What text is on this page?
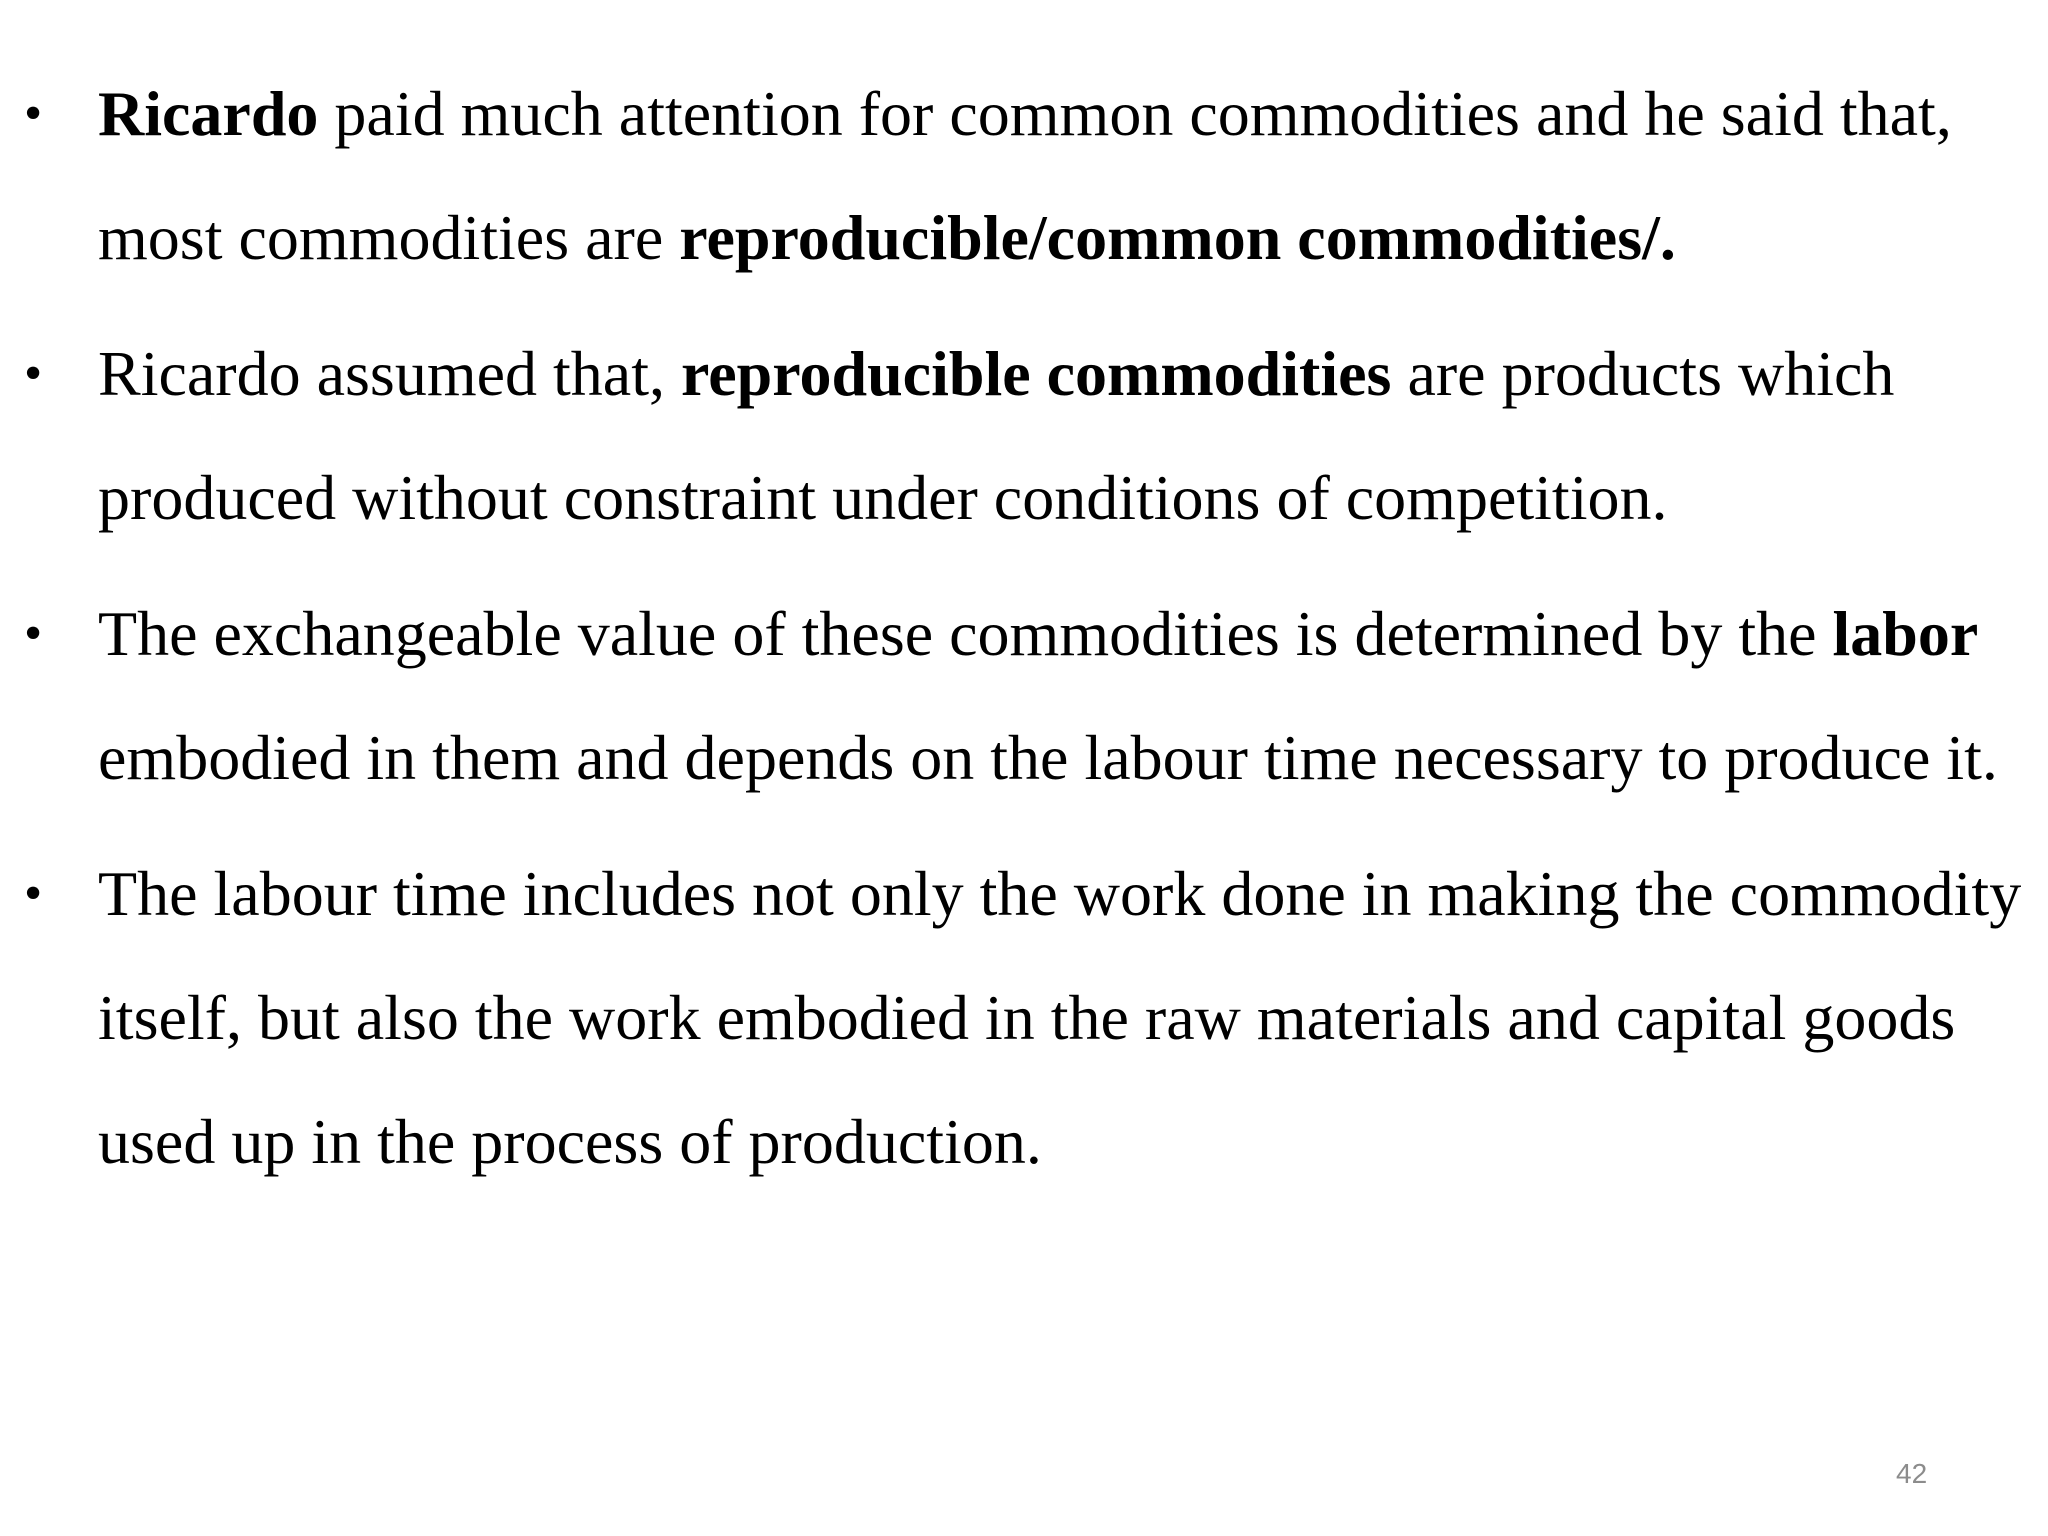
• Ricardo paid much attention for common commodities and he said that, most commodities are reproducible/common commodities/.
• Ricardo assumed that, reproducible commodities are products which produced without constraint under conditions of competition.
• The exchangeable value of these commodities is determined by the labor embodied in them and depends on the labour time necessary to produce it.
• The labour time includes not only the work done in making the commodity itself, but also the work embodied in the raw materials and capital goods used up in the process of production.
42
